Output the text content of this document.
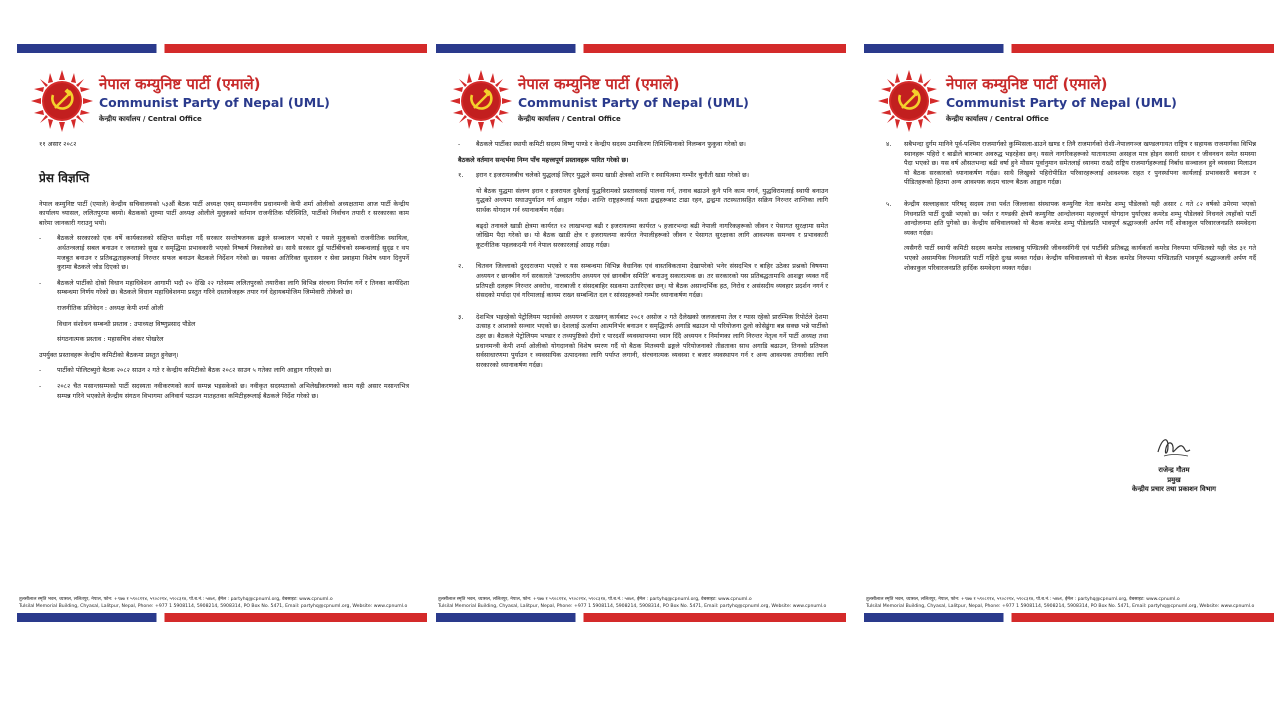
नेपाल कम्युनिष्ट पार्टी (एमाले)
Communist Party of Nepal (UML)
केन्द्रीय कार्यालय / Central Office

११ असार २०८२

प्रेस विज्ञप्ति

नेपाल कम्युनिष्ट पार्टी (एमाले) केन्द्रीय सचिवालयको ५३औं बैठक पार्टी अध्यक्ष एवम् सम्माननीय प्रधानमन्त्री केपी शर्मा ओलीको अध्यक्षतामा आज पार्टी केन्द्रीय कार्यालय च्यासल, ललितपुरमा बस्यो। बैठकको शुरुमा पार्टी अध्यक्ष ओलीले मुलुकको वर्तमान राजनीतिक परिस्थिति, पार्टीको निर्वाचन तयारी र सरकारका काम बारेमा जानकारी गराउनु भयो।

-	बैठकले सरकारको एक वर्षे कार्यकालको संक्षिप्त समीक्षा गर्दै सरकार सन्तोषजनक ढङ्गले सञ्चालन भएको र यसले मुलुकको राजनीतिक स्थायित्व, अर्थतन्त्रलाई सबल बनाउन र जनताको सुख र समृद्धिमा प्रभावकारी भएको निष्कर्ष निकालेको छ। साथै सरकार दुई पार्टीबीचको सम्बन्धलाई सुदृढ र थप मजबुत बनाउन र प्रतिवद्धताहरूलाई निरन्तर सफल बनाउन बैठकले निर्देशन गरेको छ। यसका अतिरिक्त सुशासन र सेवा प्रवाहमा विशेष ध्यान दिनुपर्ने कुरामा बैठकले जोड दिएको छ।
-	बैठकले पार्टीको दोस्रो विधान महाधिवेशन आगामी भदौ २० देखि २२ गतेसम्म ललितपुरको तयारीका लागि विभिन्न संरचना निर्माण गर्ने र तिनका कार्यदिशा सम्बन्धमा निर्णय गरेको छ। बैठकले विधान महाधिवेशनमा प्रस्तुत गरिने दस्तावेजहरू तयार गर्न देहायबमोजिम जिम्मेवारी तोकेको छ।

राजनीतिक प्रतिवेदन : अध्यक्ष केपी शर्मा ओली

विधान संशोधन सम्बन्धी प्रस्ताव : उपाध्यक्ष विष्णुप्रसाद पौडेल

संगठनात्मक प्रस्ताव : महासचिव शंकर पोखरेल

उपर्युक्त प्रस्तावहरू केन्द्रीय कमिटीको बैठकमा प्रस्तुत हुनेछन्।

-	पार्टीको पोलिटब्युरो बैठक २०८२ साउन २ गते र केन्द्रीय कमिटीको बैठक २०८२ साउन ५ गतेका लागि आह्वान गरिएको छ।
-	२०८२ चैत मसान्तसम्मको पार्टी सदस्यता नवीकरणको कार्य सम्पन्न भइसकेको छ। नवीकृत सदस्यताको अभिलेखीकरणको काम यही असार मसान्तभित्र सम्पन्न गरिने भएकोले केन्द्रीय संगठन विभागमा अनिवार्य पठाउन मातहतका कमिटीहरूलाई बैठकले निर्देश गरेको छ।
तुलसीलाल स्मृति भवन, च्यासल, ललितपुर, नेपाल, फोन: +९७७ १ ५९०८११४, ५९०८२१४, ५९०८३१४, पो.ब.नं.: ५४७१, ईमेल : partyhq@cpnuml.org, वेबसाइट: www.cpnuml.o
Tulsilal Memorial Building, Chyasal, Lalitpur, Nepal, Phone: +977 1 5908114, 5908214, 5908314, PO Box No. 5471, Email: partyhq@cpnuml.org, Website: www.cpnuml.o
नेपाल कम्युनिष्ट पार्टी (एमाले)
Communist Party of Nepal (UML)
केन्द्रीय कार्यालय / Central Office
-	बैठकले पार्टीका स्थायी कमिटी सदस्य विष्णु पाण्डे र केन्द्रीय सदस्य उमाकिरण तिमिल्सिनाको निलम्बन फुकुवा गरेको छ।

बैठकले वर्तमान सन्दर्भमा निम्न पाँच महत्त्वपूर्ण प्रस्तावहरू पारित गरेको छ।

१.	इरान र इजरायलबीच चलेको युद्धलाई लिएर युद्धले समग्र खाडी क्षेत्रको शान्ति र स्थायित्वमा गम्भीर चुनौती खडा गरेको छ।

यो बैठक युद्धमा संलग्न इरान र इजरायल दुवैलाई युद्धविरामको प्रस्तावलाई पालना गर्न, तनाव बढाउने कुनै पनि काम नगर्न, युद्धविरामलाई स्थायी बनाउन युद्धको अन्त्यमा सघाउपुर्याउन गर्न आह्वान गर्दछ। शान्ति राष्ट्रहरूलाई यस्ता द्वन्द्वहरूबाट टाढा रहन, द्वन्द्वमा तटस्थतासहित सक्रिय निरन्तर शान्तिका लागि सार्थक योगदान गर्न ध्यानाकर्षण गर्दछ।

बढ्दो तनावले खाडी क्षेत्रमा कार्यरत १२ लाखभन्दा बढी र इजरायलमा कार्यरत ५ हजारभन्दा बढी नेपाली नागरिकहरूको जीवन र पेसागत सुरक्षामा समेत जोखिम पैदा गरेको छ। यो बैठक खाडी क्षेत्र र इजरायलमा कार्यरत नेपालीहरूको जीवन र पेसागत सुरक्षाका लागि आवश्यक समन्वय र प्रभावकारी कूटनीतिक पहलकदमी गर्न नेपाल सरकारलाई आग्रह गर्दछ।

२.	चितवन जिल्लाको दुरदराजमा भएको र यस सम्बन्धमा विभिन्न वैधानिक एवं वास्तविकतामा देखापरेको भनेर संसदभित्र र बाहिर उठेका प्रश्नको विषयमा अध्ययन र छानबीन गर्न सरकारले 'उच्चस्तरीय अध्ययन एवं छानबीन समिति' बनाउनु सकारात्मक छ। तर सरकारको यस प्रतिबद्धतामाथि आशङ्का व्यक्त गर्दै प्रतिपक्षी दलहरू निरन्तर अवरोध, नाराबाजी र संसदबाहिर सडकमा उतारिएका छन्। यो बैठक असान्दर्भिक हठ, निरोध र असंसदीय व्यवहार प्रदर्शन नगर्न र संसदको मर्यादा एवं गरिमालाई कायम राख्न सम्बन्धित दल र सांसदहरूको गम्भीर ध्यानाकर्षण गर्दछ।

३.	देशभित्र भइरहेको पेट्रोलियम पदार्थको अध्ययन र उत्खनन् कार्यबाट २०८१ असोज २ गते दैलेखको जलजलामा तेल र ग्यास रहेको प्रारम्भिक रिपोर्टले देशमा उत्साह र आशाको सञ्चार भएको छ। देशलाई ऊर्जामा आत्मनिर्भर बनाउन र समृद्धितर्फ अगाडि बढाउन यो परियोजना ठूलो कोसेढुंगा बन्न सक्छ भन्ने पार्टीको ठहर छ। बैठकले पेट्रोलियम भण्डार र तथ्यपुष्टिको दीगो र पारदर्शी व्यवस्थापनमा ध्यान दिँदै अध्ययन र निर्माणका लागि निरन्तर नेतृत्व गर्ने पार्टी अध्यक्ष तथा प्रधानमन्त्री केपी शर्मा ओलीको योगदानको विशेष स्मरण गर्दै यो बैठक मितव्ययी ढङ्गले परियोजनाको तीव्रताका साथ अगाडि बढाउन, तिनको प्रतिफल सर्वसाधारणमा पुर्याउन र व्यवसायिक उत्पादनका लागि पर्याप्त लगानी, संरचनात्मक व्यवस्था र बजार व्यवस्थापन गर्न र अन्य आवश्यक तयारीका लागि सरकारको ध्यानाकर्षण गर्दछ।

तुलसीलाल स्मृति भवन, च्यासल, ललितपुर, नेपाल, फोन: +९७७ १ ५९०८११४, ५९०८२१४, ५९०८३१४, पो.ब.नं.: ५४७१, ईमेल : partyhq@cpnuml.org, वेबसाइट: www.cpnuml.o
Tulsilal Memorial Building, Chyasal, Lalitpur, Nepal, Phone: +977 1 5908114, 5908214, 5908314, PO Box No. 5471, Email: partyhq@cpnuml.org, Website: www.cpnuml.o
नेपाल कम्युनिष्ट पार्टी (एमाले)
Communist Party of Nepal (UML)
केन्द्रीय कार्यालय / Central Office
४.	सबैभन्दा दुर्गम मानिने पूर्व-पश्चिम राजमार्गको कुम्भिसला-डाउने खण्ड र तिनै राजमार्गको रोशी-नेपालगञ्ज खण्डलगायत राष्ट्रिय र सहायक राजमार्गका विभिन्न स्थानहरू पहिरो र बाढीले बारम्बार अवरुद्ध भइरहेका छन्। यसले नागरिकहरूको यातायातमा असहज मात्र होइन सवारी साधन र जीवनधन समेत समस्या पैदा भएको छ। यस वर्ष औसतभन्दा बढी वर्षा हुने मौसम पूर्वानुमान समेतलाई ध्यानमा राख्दै राष्ट्रिय राजमार्गहरूलाई निर्बाध सञ्चालन हुने व्यवस्था मिलाउन यो बैठक सरकारको ध्यानाकर्षण गर्दछ। साथै लिखुको पहिरोपीडित परिवारहरूलाई आवश्यक राहत र पुनर्स्थापना कार्यलाई प्रभावकारी बनाउन र पीडितहरूको हितमा अन्य आवश्यक कदम चाल्न बैठक आह्वान गर्दछ।

५.	केन्द्रीय सल्लाहकार परिषद् सदस्य तथा पर्वत जिल्लाका संस्थापक कम्युनिष्ट नेता कमरेड शम्भु पौडेलको यही असार ८ गते ८२ वर्षको उमेरमा भएको निधनप्रति पार्टी दुःखी भएको छ। पर्वत र गण्डकी क्षेत्रमै कम्युनिष्ट आन्दोलनमा महत्त्वपूर्ण योगदान पुर्याएका कमरेड शम्भु पौडेलको निधनले त्यहाँको पार्टी आन्दोलनमा क्षति पुगेको छ। केन्द्रीय सचिवालयको यो बैठक कमरेड शम्भु पौडेलप्रति भावपूर्ण श्रद्धाञ्जली अर्पण गर्दै शोकाकुल परिवारजनप्रति समवेदना व्यक्त गर्दछ।

त्यसैगरी पार्टी स्थायी कमिटी सदस्य कमरेड लालबाबु पण्डितकी जीवनसंगिनी एवं पार्टीकी प्रतिबद्ध कार्यकर्ता कमरेड निरुपमा पण्डितको यही जेठ ३१ गते भएको असामयिक निधनप्रति पार्टी गहिरो दुःख व्यक्त गर्दछ। केन्द्रीय सचिवालयको यो बैठक कमरेड निरुपमा पण्डितप्रति भावपूर्ण श्रद्धाञ्जली अर्पण गर्दै शोकाकुल परिवारजनप्रति हार्दिक समवेदना व्यक्त गर्दछ।

राजेन्द्र गौतम
प्रमुख
केन्द्रीय प्रचार तथा प्रकाशन विभाग
तुलसीलाल स्मृति भवन, च्यासल, ललितपुर, नेपाल, फोन: +९७७ १ ५९०८११४, ५९०८२१४, ५९०८३१४, पो.ब.नं.: ५४७१, ईमेल : partyhq@cpnuml.org, वेबसाइट: www.cpnuml.o
Tulsilal Memorial Building, Chyasal, Lalitpur, Nepal, Phone: +977 1 5908114, 5908214, 5908314, PO Box No. 5471, Email: partyhq@cpnuml.org, Website: www.cpnuml.o
